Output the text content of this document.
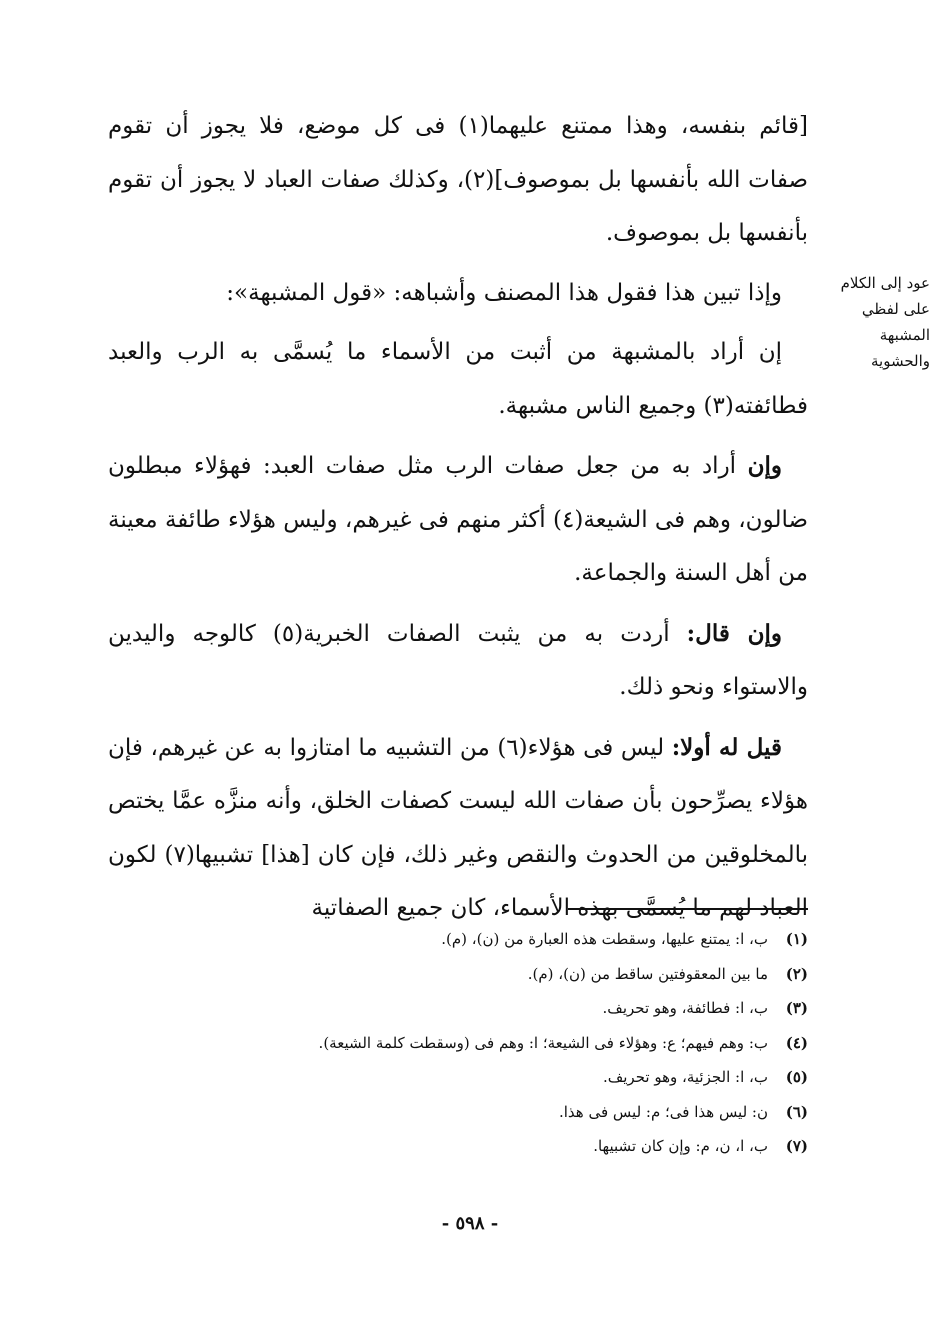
عود إلى الكلام على لفظي المشبهة والحشوية

[قائم بنفسه، وهذا ممتنع عليهما(١) فى كل موضع، فلا يجوز أن تقوم صفات الله بأنفسها بل بموصوف](٢)، وكذلك صفات العباد لا يجوز أن تقوم بأنفسها بل بموصوف.

وإذا تبين هذا فقول هذا المصنف وأشباهه: «قول المشبهة»:

إن أراد بالمشبهة من أثبت من الأسماء ما يُسمَّى به الرب والعبد فطائفته(٣) وجميع الناس مشبهة.

وإن أراد به من جعل صفات الرب مثل صفات العبد: فهؤلاء مبطلون ضالون، وهم فى الشيعة(٤) أكثر منهم فى غيرهم، وليس هؤلاء طائفة معينة من أهل السنة والجماعة.

وإن قال: أردت به من يثبت الصفات الخبرية(٥) كالوجه واليدين والاستواء ونحو ذلك.

قيل له أولا: ليس فى هؤلاء(٦) من التشبيه ما امتازوا به عن غيرهم، فإن هؤلاء يصرِّحون بأن صفات الله ليست كصفات الخلق، وأنه منزَّه عمَّا يختص بالمخلوقين من الحدوث والنقص وغير ذلك، فإن كان [هذا] تشبيها(٧) لكون العباد لهم ما يُسمَّى بهذه الأسماء، كان جميع الصفاتية

(١)ب، ا: يمتنع عليها، وسقطت هذه العبارة من (ن)، (م).
(٢)ما بين المعقوفتين ساقط من (ن)، (م).
(٣)ب، ا: فطائفة، وهو تحريف.
(٤)ب: وهم فيهم؛ ع: وهؤلاء فى الشيعة؛ ا: وهم فى (وسقطت كلمة الشيعة).
(٥)ب، ا: الجزئية، وهو تحريف.
(٦)ن: ليس هذا فى؛ م: ليس فى هذا.
(٧)ب، ا، ن، م: وإن كان تشبيها.
- ٥٩٨ -
